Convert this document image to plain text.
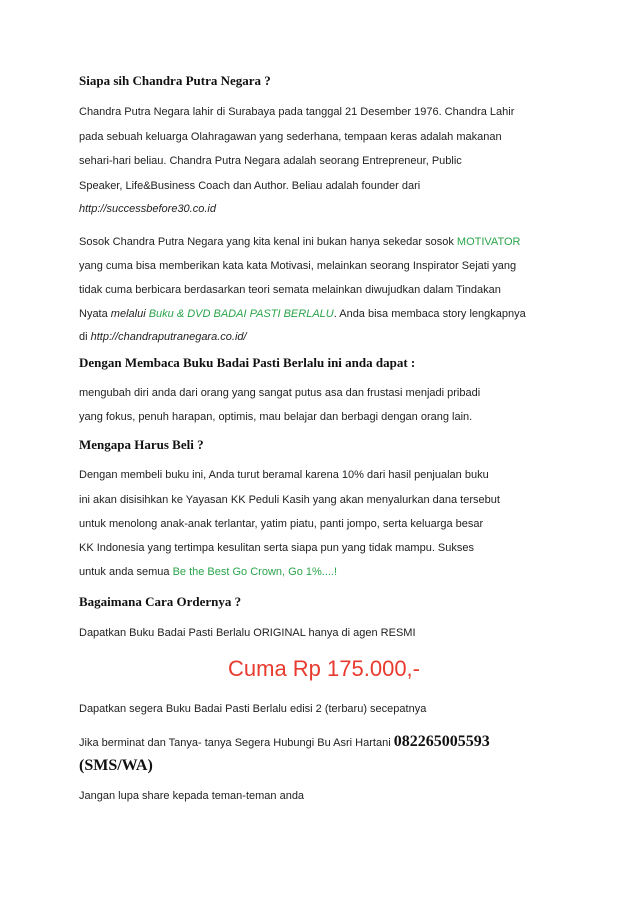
Siapa sih Chandra Putra Negara ?
Chandra Putra Negara lahir di Surabaya pada tanggal 21 Desember 1976. Chandra Lahir
pada sebuah keluarga Olahragawan yang sederhana, tempaan keras adalah makanan
sehari-hari beliau. Chandra Putra Negara adalah seorang Entrepreneur, Public
Speaker, Life&Business Coach dan Author. Beliau adalah founder dari
http://successbefore30.co.id
Sosok Chandra Putra Negara yang kita kenal ini bukan hanya sekedar sosok MOTIVATOR
yang cuma bisa memberikan kata kata Motivasi, melainkan seorang Inspirator Sejati yang
tidak cuma berbicara berdasarkan teori semata melainkan diwujudkan dalam Tindakan
Nyata melalui Buku & DVD BADAI PASTI BERLALU. Anda bisa membaca story lengkapnya
di http://chandraputranegara.co.id/
Dengan Membaca Buku Badai Pasti Berlalu ini anda dapat :
mengubah diri anda dari orang yang sangat putus asa dan frustasi menjadi pribadi
yang fokus, penuh harapan, optimis, mau belajar dan berbagi dengan orang lain.
Mengapa Harus Beli ?
Dengan membeli buku ini, Anda turut beramal karena 10% dari hasil penjualan buku
ini akan disisihkan ke Yayasan KK Peduli Kasih yang akan menyalurkan dana tersebut
untuk menolong anak-anak terlantar, yatim piatu, panti jompo, serta keluarga besar
KK Indonesia yang tertimpa kesulitan serta siapa pun yang tidak mampu. Sukses
untuk anda semua Be the Best Go Crown, Go 1%....!
Bagaimana Cara Ordernya ?
Dapatkan Buku Badai Pasti Berlalu ORIGINAL hanya di agen RESMI
Cuma Rp 175.000,-
Dapatkan segera Buku Badai Pasti Berlalu edisi 2 (terbaru) secepatnya
Jika berminat dan Tanya- tanya Segera Hubungi Bu Asri Hartani 082265005593
(SMS/WA)
Jangan lupa share kepada teman-teman anda
